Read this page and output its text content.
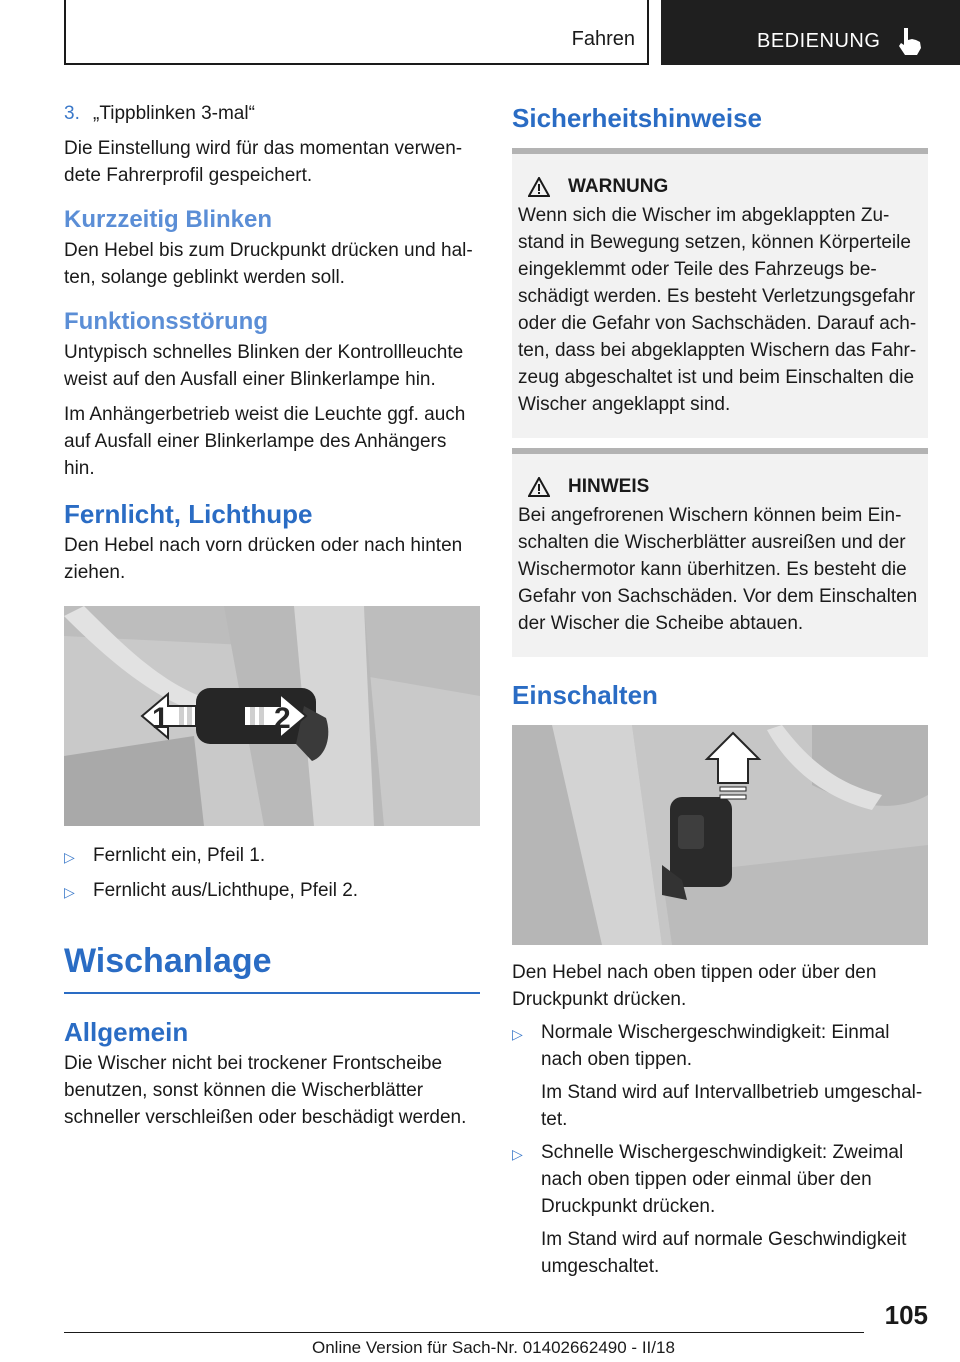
Fahren	BEDIENUNG
3. „Tippblinken 3-mal“

Die Einstellung wird für das momentan verwendete Fahrerprofil gespeichert.

Kurzzeitig Blinken

Den Hebel bis zum Druckpunkt drücken und halten, solange geblinkt werden soll.

Funktionsstörung

Untypisch schnelles Blinken der Kontrollleuchte weist auf den Ausfall einer Blinkerlampe hin.

Im Anhängerbetrieb weist die Leuchte ggf. auch auf Ausfall einer Blinkerlampe des Anhängers hin.

Fernlicht, Lichthupe

Den Hebel nach vorn drücken oder nach hinten ziehen.

1	2
▷ Fernlicht ein, Pfeil 1.
▷ Fernlicht aus/Lichthupe, Pfeil 2.
Wischanlage
Allgemein

Die Wischer nicht bei trockener Frontscheibe benutzen, sonst können die Wischerblätter schneller verschleißen oder beschädigt werden.

Sicherheitshinweise
WARNUNG

Wenn sich die Wischer im abgeklappten Zustand in Bewegung setzen, können Körperteile eingeklemmt oder Teile des Fahrzeugs beschädigt werden. Es besteht Verletzungsgefahr oder die Gefahr von Sachschäden. Darauf achten, dass bei abgeklappten Wischern das Fahrzeug abgeschaltet ist und beim Einschalten die Wischer angeklappt sind.

HINWEIS

Bei angefrorenen Wischern können beim Einschalten die Wischerblätter ausreißen und der Wischermotor kann überhitzen. Es besteht die Gefahr von Sachschäden. Vor dem Einschalten der Wischer die Scheibe abtauen.

Einschalten

Den Hebel nach oben tippen oder über den Druckpunkt drücken.

▷ Normale Wischergeschwindigkeit: Einmal nach oben tippen.

Im Stand wird auf Intervallbetrieb umgeschaltet.

▷ Schnelle Wischergeschwindigkeit: Zweimal nach oben tippen oder einmal über den Druckpunkt drücken.

Im Stand wird auf normale Geschwindigkeit umgeschaltet.

105
Online Version für Sach-Nr. 01402662490 - II/18
